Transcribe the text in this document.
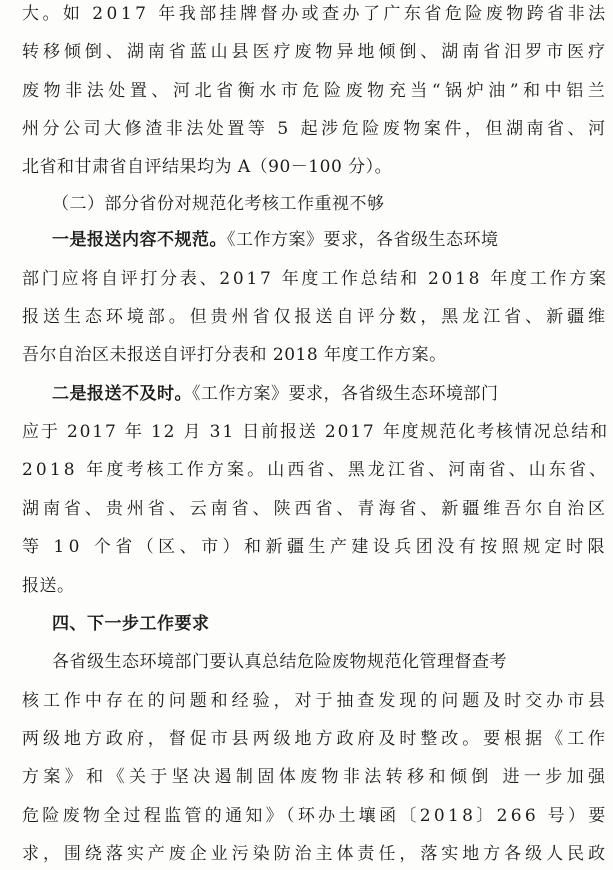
大。如 2017 年我部挂牌督办或查办了广东省危险废物跨省非法
转移倾倒、湖南省蓝山县医疗废物异地倾倒、湖南省汨罗市医疗
废物非法处置、河北省衡水市危险废物充当“锅炉油”和中铝兰
州分公司大修渣非法处置等 5 起涉危险废物案件，但湖南省、河
北省和甘肃省自评结果均为 A（90－100 分）。
（二）部分省份对规范化考核工作重视不够
一是报送内容不规范。《工作方案》要求，各省级生态环境
部门应将自评打分表、2017 年度工作总结和 2018 年度工作方案
报送生态环境部。但贵州省仅报送自评分数，黑龙江省、新疆维
吾尔自治区未报送自评打分表和 2018 年度工作方案。
二是报送不及时。《工作方案》要求，各省级生态环境部门
应于 2017 年 12 月 31 日前报送 2017 年度规范化考核情况总结和
2018 年度考核工作方案。山西省、黑龙江省、河南省、山东省、
湖南省、贵州省、云南省、陕西省、青海省、新疆维吾尔自治区
等 10 个省（区、市）和新疆生产建设兵团没有按照规定时限
报送。
四、下一步工作要求
各省级生态环境部门要认真总结危险废物规范化管理督查考
核工作中存在的问题和经验，对于抽查发现的问题及时交办市县
两级地方政府，督促市县两级地方政府及时整改。要根据《工作
方案》和《关于坚决遏制固体废物非法转移和倾倒 进一步加强
危险废物全过程监管的通知》（环办土壤函〔2018〕266 号）要
求，围绕落实产废企业污染防治主体责任，落实地方各级人民政
